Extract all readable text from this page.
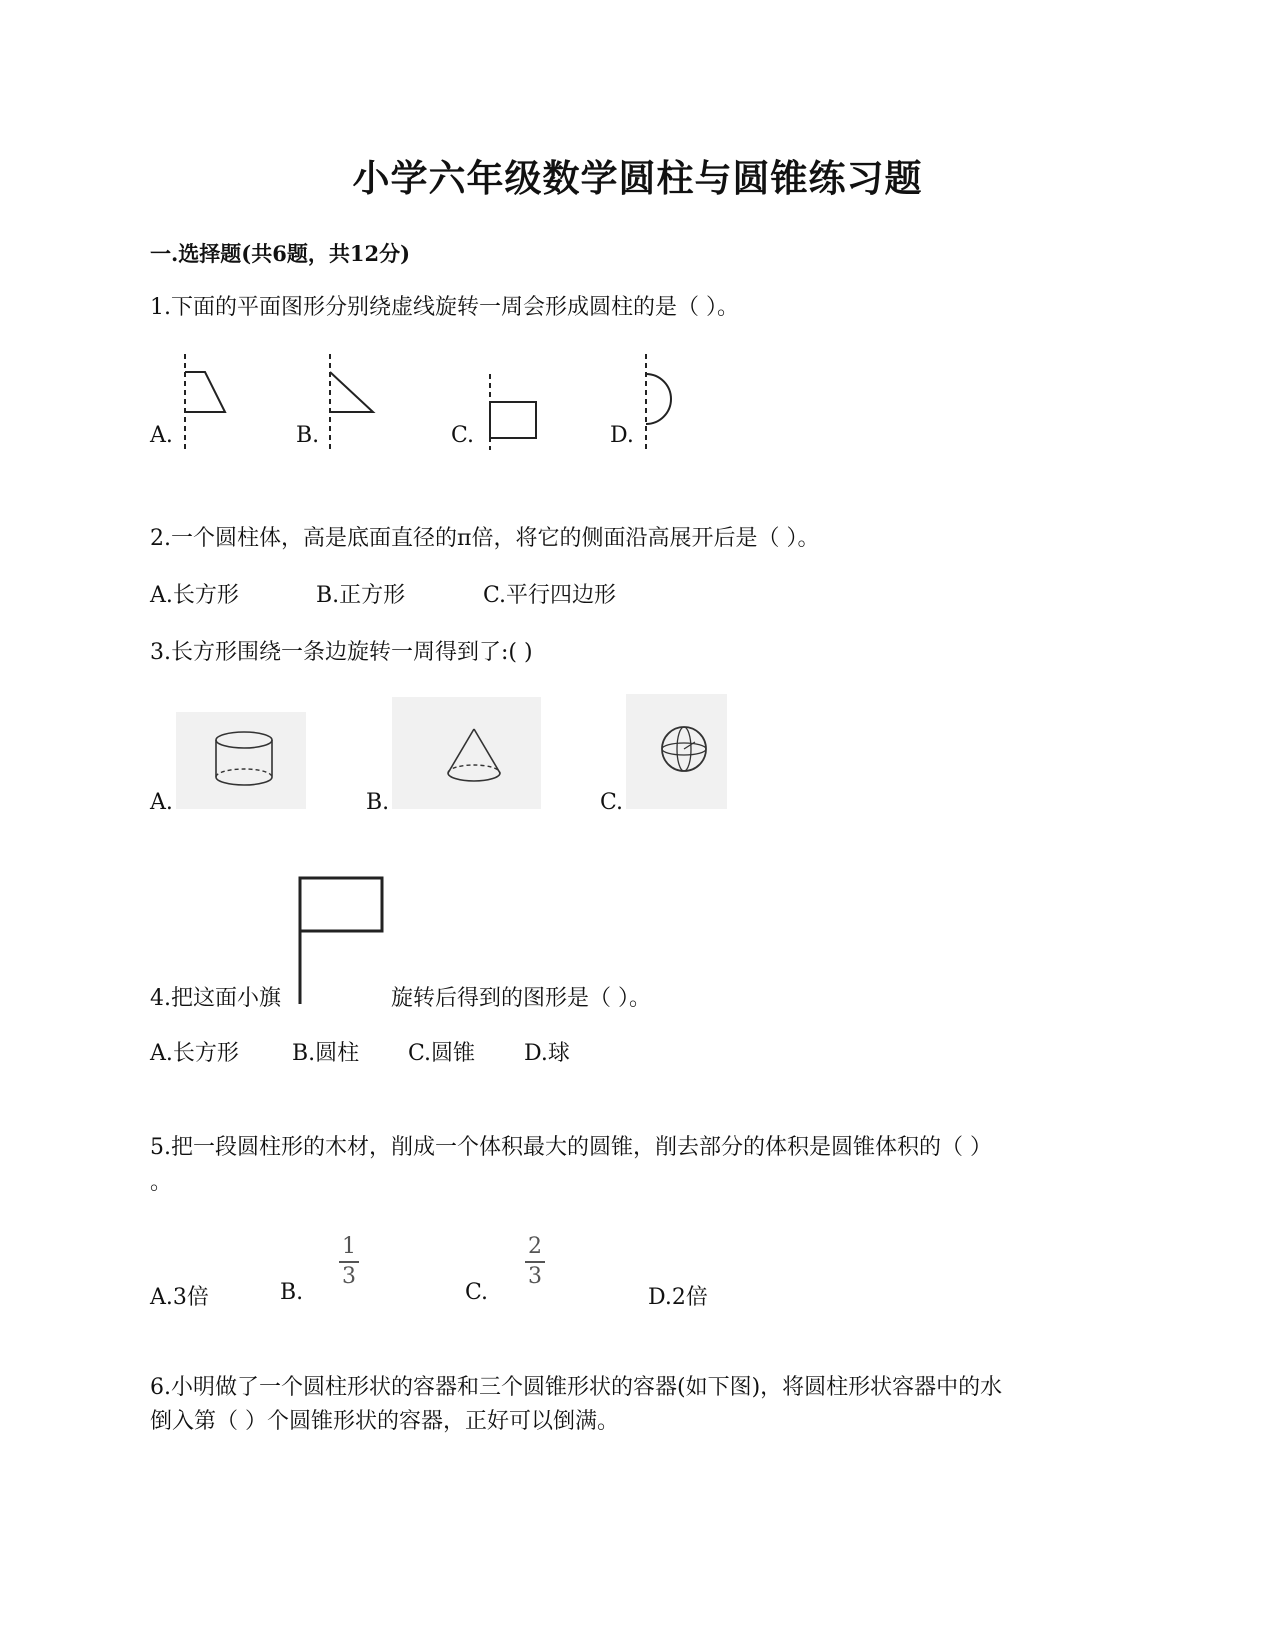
小学六年级数学圆柱与圆锥练习题
一.选择题(共6题，共12分)
1.下面的平面图形分别绕虚线旋转一周会形成圆柱的是（ ）。
A.	B.	C.	D.
2.一个圆柱体，高是底面直径的π倍，将它的侧面沿高展开后是（ ）。
A.长方形	B.正方形	C.平行四边形
3.长方形围绕一条边旋转一周得到了:( )
A.	B.	C.
4.把这面小旗	旋转后得到的图形是（ ）。
A.长方形 B.圆柱 C.圆锥 D.球
5.把一段圆柱形的木材，削成一个体积最大的圆锥，削去部分的体积是圆锥体积的（ ）
。
A.3倍	B.
1
3
C.
2
3
D.2倍
6.小明做了一个圆柱形状的容器和三个圆锥形状的容器(如下图)，将圆柱形状容器中的水
倒入第（ ）个圆锥形状的容器，正好可以倒满。
